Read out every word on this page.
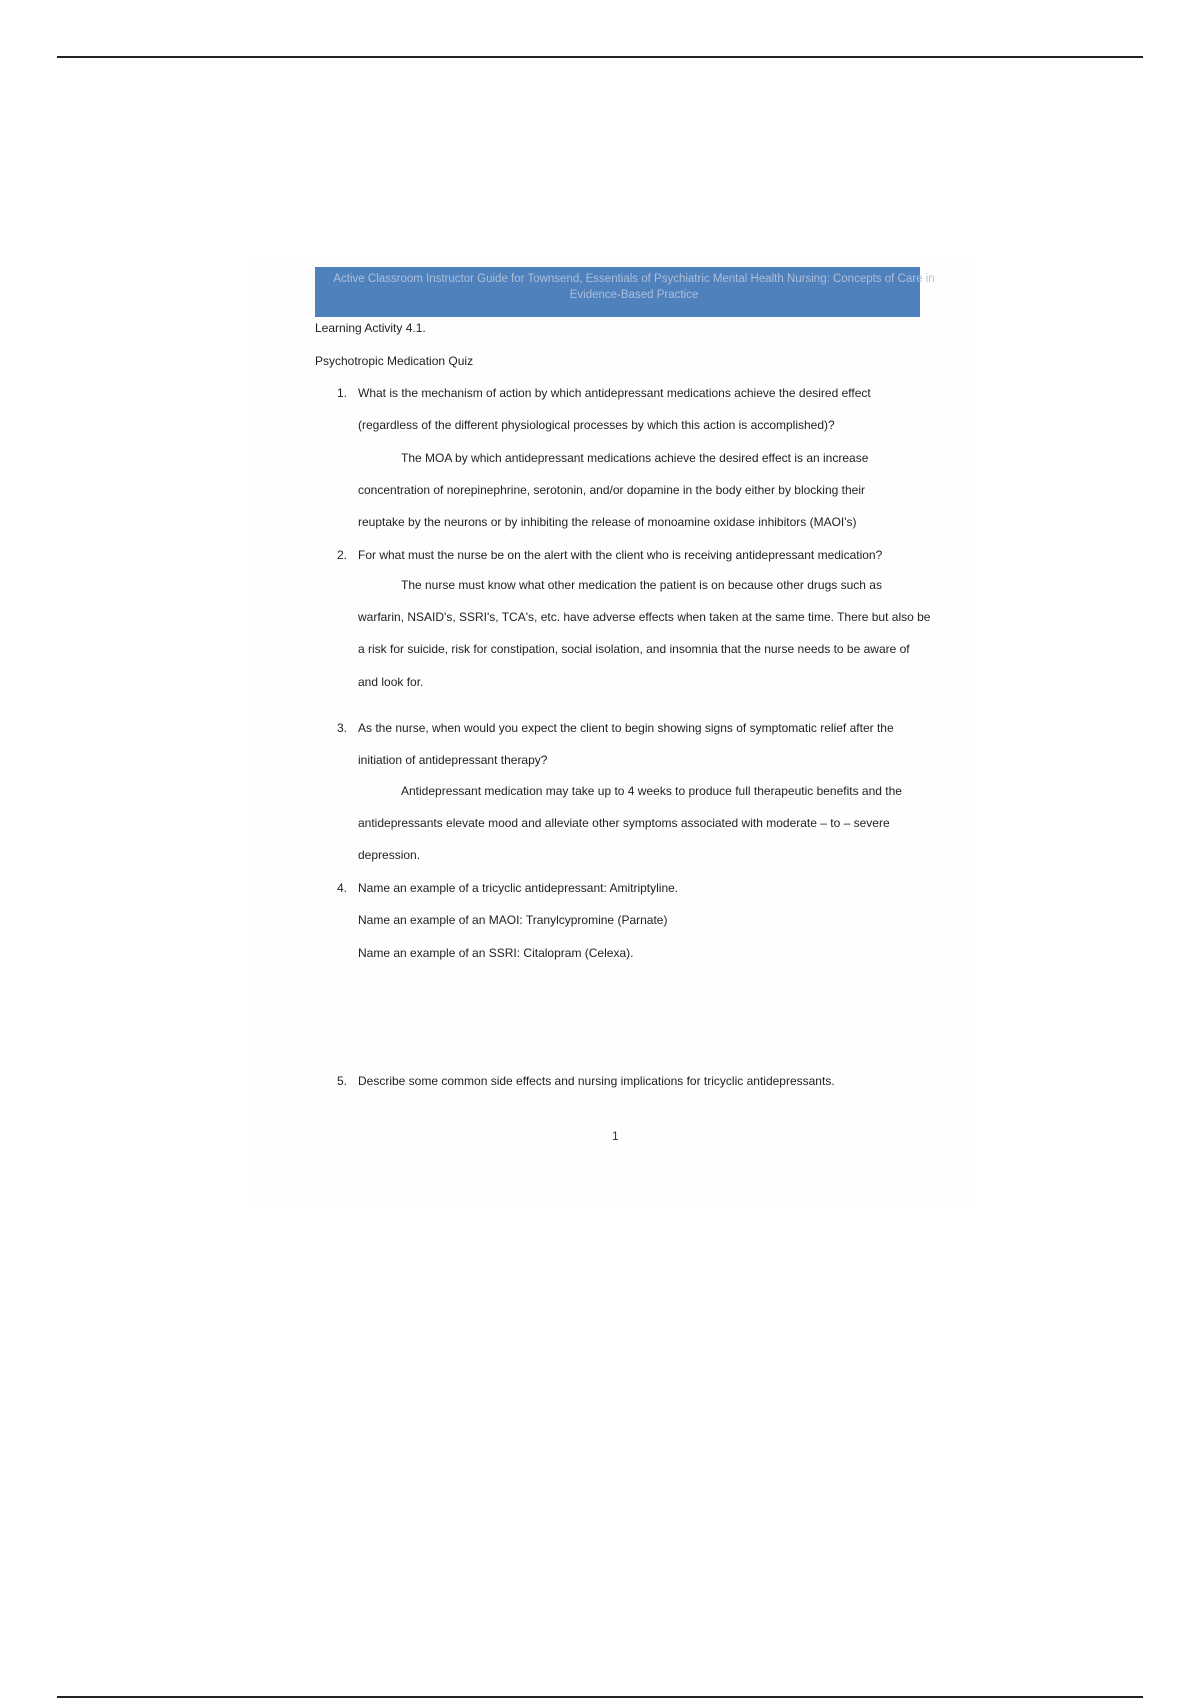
Active Classroom Instructor Guide for Townsend, Essentials of Psychiatric Mental Health Nursing: Concepts of Care in Evidence-Based Practice
Learning Activity 4.1.
Psychotropic Medication Quiz
1. What is the mechanism of action by which antidepressant medications achieve the desired effect
(regardless of the different physiological processes by which this action is accomplished)?
The MOA by which antidepressant medications achieve the desired effect is an increase
concentration of norepinephrine, serotonin, and/or dopamine in the body either by blocking their
reuptake by the neurons or by inhibiting the release of monoamine oxidase inhibitors (MAOI's)
2. For what must the nurse be on the alert with the client who is receiving antidepressant medication?
The nurse must know what other medication the patient is on because other drugs such as
warfarin, NSAID's, SSRI's, TCA's, etc. have adverse effects when taken at the same time. There but also be
a risk for suicide, risk for constipation, social isolation, and insomnia that the nurse needs to be aware of
and look for.
3. As the nurse, when would you expect the client to begin showing signs of symptomatic relief after the
initiation of antidepressant therapy?
Antidepressant medication may take up to 4 weeks to produce full therapeutic benefits and the
antidepressants elevate mood and alleviate other symptoms associated with moderate – to – severe
depression.
4. Name an example of a tricyclic antidepressant: Amitriptyline.
Name an example of an MAOI: Tranylcypromine (Parnate)
Name an example of an SSRI: Citalopram (Celexa).
5. Describe some common side effects and nursing implications for tricyclic antidepressants.
1
